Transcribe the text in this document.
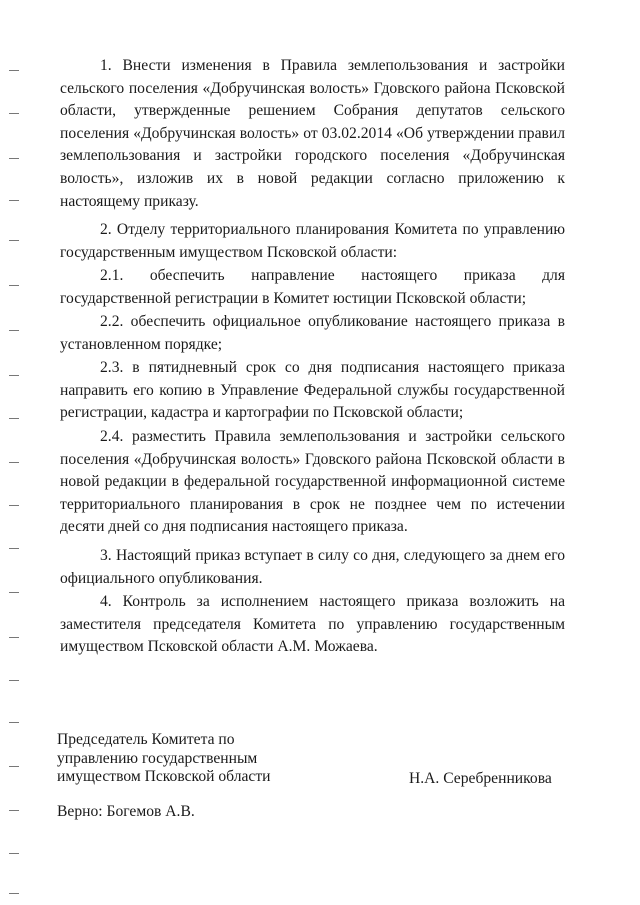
1. Внести изменения в Правила землепользования и застройки сельского поселения «Добручинская волость» Гдовского района Псковской области, утвержденные решением Собрания депутатов сельского поселения «Добручинская волость» от 03.02.2014 «Об утверждении правил землепользования и застройки городского поселения «Добручинская волость», изложив их в новой редакции согласно приложению к настоящему приказу.

2. Отделу территориального планирования Комитета по управлению государственным имуществом Псковской области:

2.1. обеспечить направление настоящего приказа для государственной регистрации в Комитет юстиции Псковской области;

2.2. обеспечить официальное опубликование настоящего приказа в установленном порядке;

2.3. в пятидневный срок со дня подписания настоящего приказа направить его копию в Управление Федеральной службы государственной регистрации, кадастра и картографии по Псковской области;

2.4. разместить Правила землепользования и застройки сельского поселения «Добручинская волость» Гдовского района Псковской области в новой редакции в федеральной государственной информационной системе территориального планирования в срок не позднее чем по истечении десяти дней со дня подписания настоящего приказа.

3. Настоящий приказ вступает в силу со дня, следующего за днем его официального опубликования.

4. Контроль за исполнением настоящего приказа возложить на заместителя председателя Комитета по управлению государственным имуществом Псковской области А.М. Можаева.

Председатель Комитета по
управлению государственным
имуществом Псковской области	Н.А. Серебренникова
Верно: Богемов А.В.
